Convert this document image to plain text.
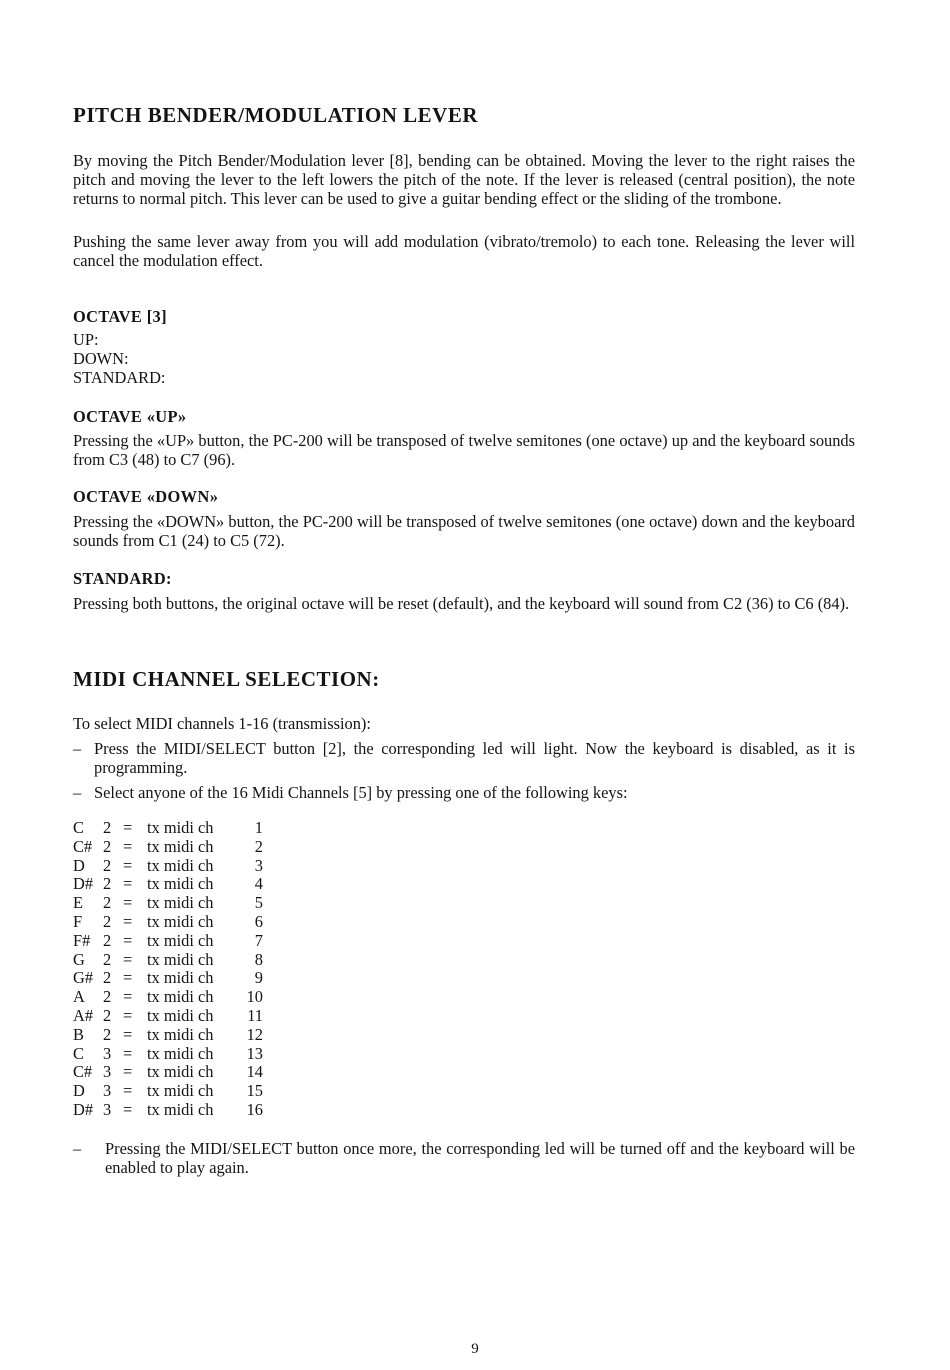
PITCH BENDER/MODULATION LEVER

By moving the Pitch Bender/Modulation lever [8], bending can be obtained. Moving the lever to the right raises the pitch and moving the lever to the left lowers the pitch of the note. If the lever is released (central position), the note returns to normal pitch. This lever can be used to give a guitar bending effect or the sliding of the trombone.

Pushing the same lever away from you will add modulation (vibrato/tremolo) to each tone. Releasing the lever will cancel the modulation effect.

OCTAVE [3]
UP:
DOWN:
STANDARD:
OCTAVE «UP»

Pressing the «UP» button, the PC-200 will be transposed of twelve semitones (one octave) up and the keyboard sounds from C3 (48) to C7 (96).

OCTAVE «DOWN»

Pressing the «DOWN» button, the PC-200 will be transposed of twelve semitones (one octave) down and the keyboard sounds from C1 (24) to C5 (72).

STANDARD:

Pressing both buttons, the original octave will be reset (default), and the keyboard will sound from C2 (36) to C6 (84).

MIDI CHANNEL SELECTION:

To select MIDI channels 1-16 (transmission):

– Press the MIDI/SELECT button [2], the corresponding led will light. Now the keyboard is disabled, as it is programming.
– Select anyone of the 16 Midi Channels [5] by pressing one of the following keys:
C 2	=	tx midi ch	1
C# 2	=	tx midi ch	2
D 2	=	tx midi ch	3
D# 2	=	tx midi ch	4
E 2	=	tx midi ch	5
F 2	=	tx midi ch	6
F# 2	=	tx midi ch	7
G 2	=	tx midi ch	8
G# 2	=	tx midi ch	9
A 2	=	tx midi ch	10
A# 2	=	tx midi ch	11
B 2	=	tx midi ch	12
C 3	=	tx midi ch	13
C# 3	=	tx midi ch	14
D 3	=	tx midi ch	15
D# 3	=	tx midi ch	16
– Pressing the MIDI/SELECT button once more, the corresponding led will be turned off and the keyboard will be enabled to play again.
9
